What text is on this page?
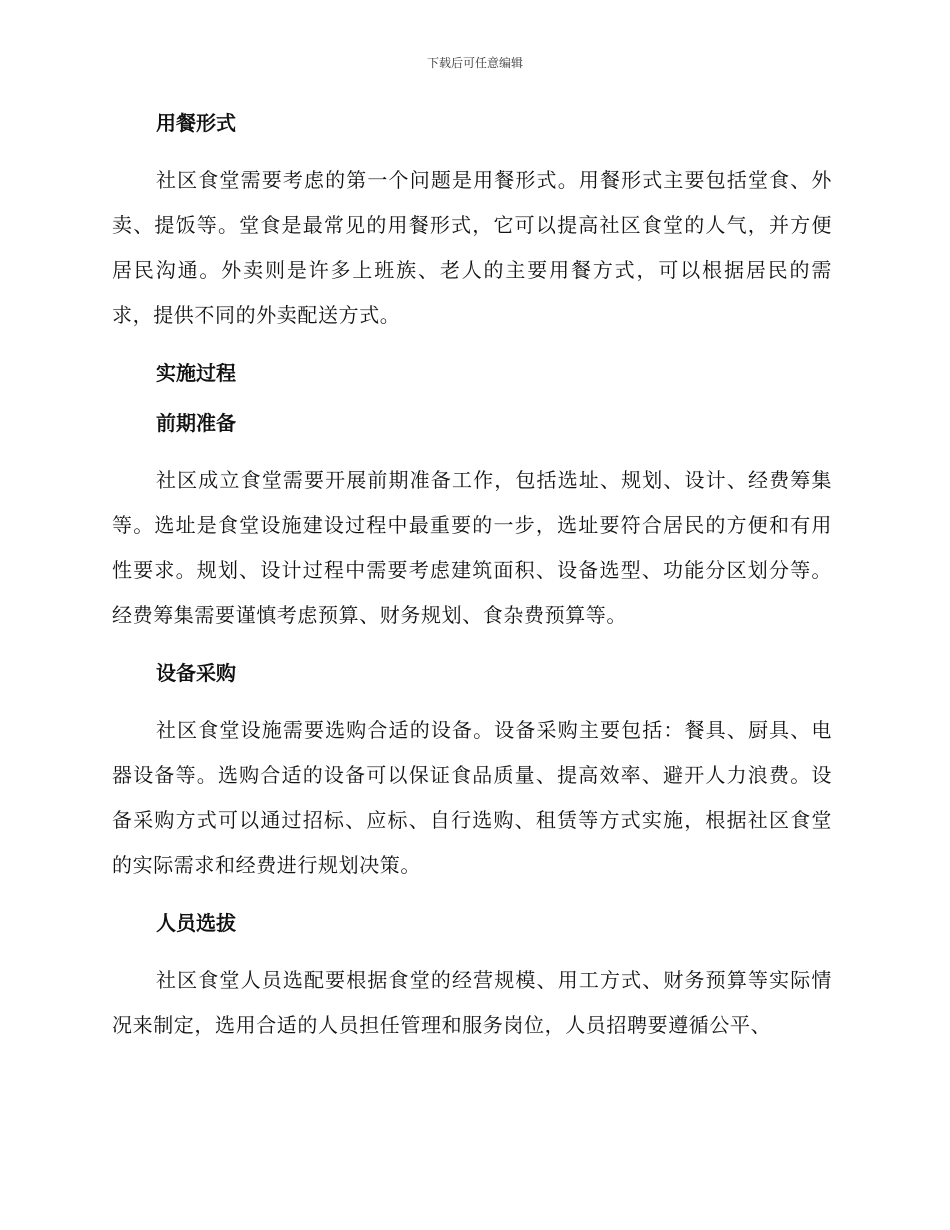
下载后可任意编辑
用餐形式

社区食堂需要考虑的第一个问题是用餐形式。用餐形式主要包括堂食、外卖、提饭等。堂食是最常见的用餐形式，它可以提高社区食堂的人气，并方便居民沟通。外卖则是许多上班族、老人的主要用餐方式，可以根据居民的需求，提供不同的外卖配送方式。

实施过程
前期准备

社区成立食堂需要开展前期准备工作，包括选址、规划、设计、经费筹集等。选址是食堂设施建设过程中最重要的一步，选址要符合居民的方便和有用性要求。规划、设计过程中需要考虑建筑面积、设备选型、功能分区划分等。经费筹集需要谨慎考虑预算、财务规划、食杂费预算等。

设备采购

社区食堂设施需要选购合适的设备。设备采购主要包括：餐具、厨具、电器设备等。选购合适的设备可以保证食品质量、提高效率、避开人力浪费。设备采购方式可以通过招标、应标、自行选购、租赁等方式实施，根据社区食堂的实际需求和经费进行规划决策。

人员选拔

社区食堂人员选配要根据食堂的经营规模、用工方式、财务预算等实际情况来制定，选用合适的人员担任管理和服务岗位，人员招聘要遵循公平、
